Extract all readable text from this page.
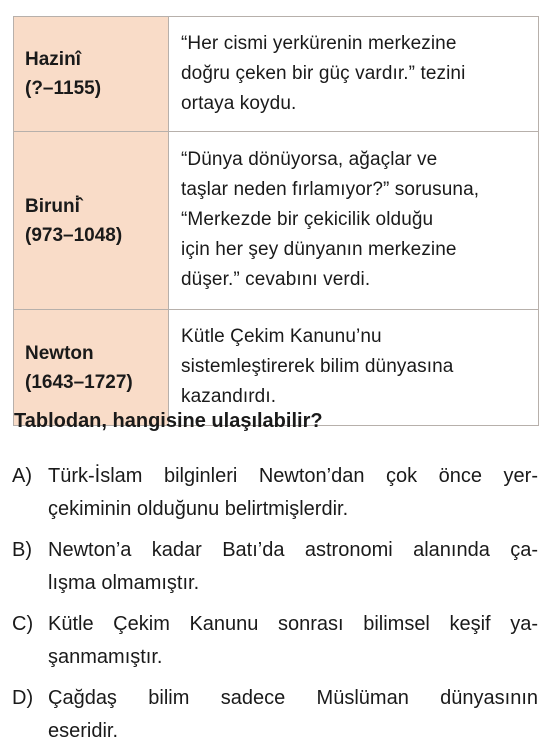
Hazinî
(?–1155)	“Her cismi yerkürenin merkezine
doğru çeken bir güç vardır.” tezini
ortaya koydu.

Biruni̇̂
(973–1048)	“Dünya dönüyorsa, ağaçlar ve
taşlar neden fırlamıyor?” sorusuna,
“Merkezde bir çekicilik olduğu
için her şey dünyanın merkezine
düşer.” cevabını verdi.

Newton
(1643–1727)	Kütle Çekim Kanunu’nu
sistemleştirerek bilim dünyasına
kazandırdı.
Tablodan, hangisine ulaşılabilir?
A) Türk-İslam bilginleri Newton’dan çok önce yer-
çekiminin olduğunu belirtmişlerdir.
B) Newton’a kadar Batı’da astronomi alanında ça-
lışma olmamıştır.
C) Kütle Çekim Kanunu sonrası bilimsel keşif ya-
şanmamıştır.
D) Çağdaş bilim sadece Müslüman dünyasının
eseridir.
